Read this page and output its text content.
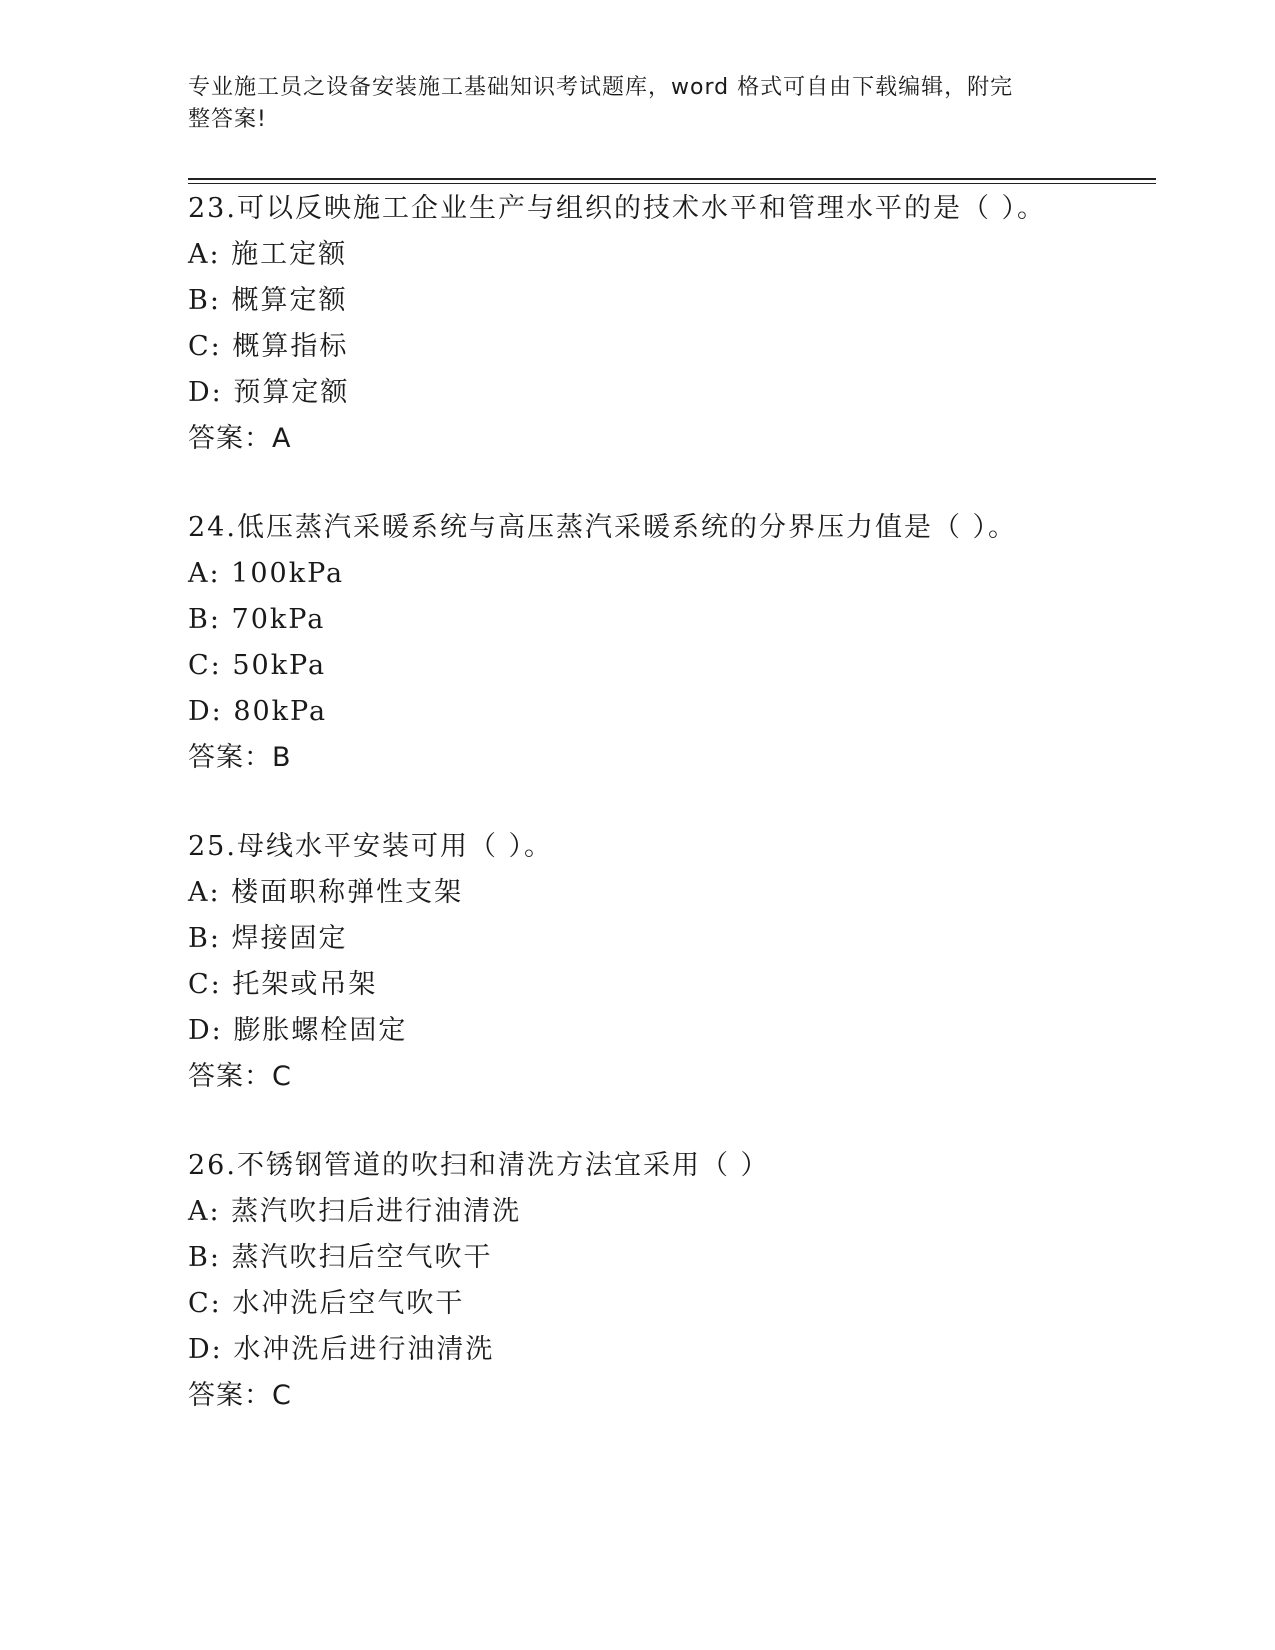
专业施工员之设备安装施工基础知识考试题库，word 格式可自由下载编辑，附完
整答案!
23.可以反映施工企业生产与组织的技术水平和管理水平的是（ ）。
A: 施工定额
B: 概算定额
C: 概算指标
D: 预算定额
答案：A
24.低压蒸汽采暖系统与高压蒸汽采暖系统的分界压力值是（ ）。
A: 100kPa
B: 70kPa
C: 50kPa
D: 80kPa
答案：B
25.母线水平安装可用（ ）。
A: 楼面职称弹性支架
B: 焊接固定
C: 托架或吊架
D: 膨胀螺栓固定
答案：C
26.不锈钢管道的吹扫和清洗方法宜采用（ ）
A: 蒸汽吹扫后进行油清洗
B: 蒸汽吹扫后空气吹干
C: 水冲洗后空气吹干
D: 水冲洗后进行油清洗
答案：C
